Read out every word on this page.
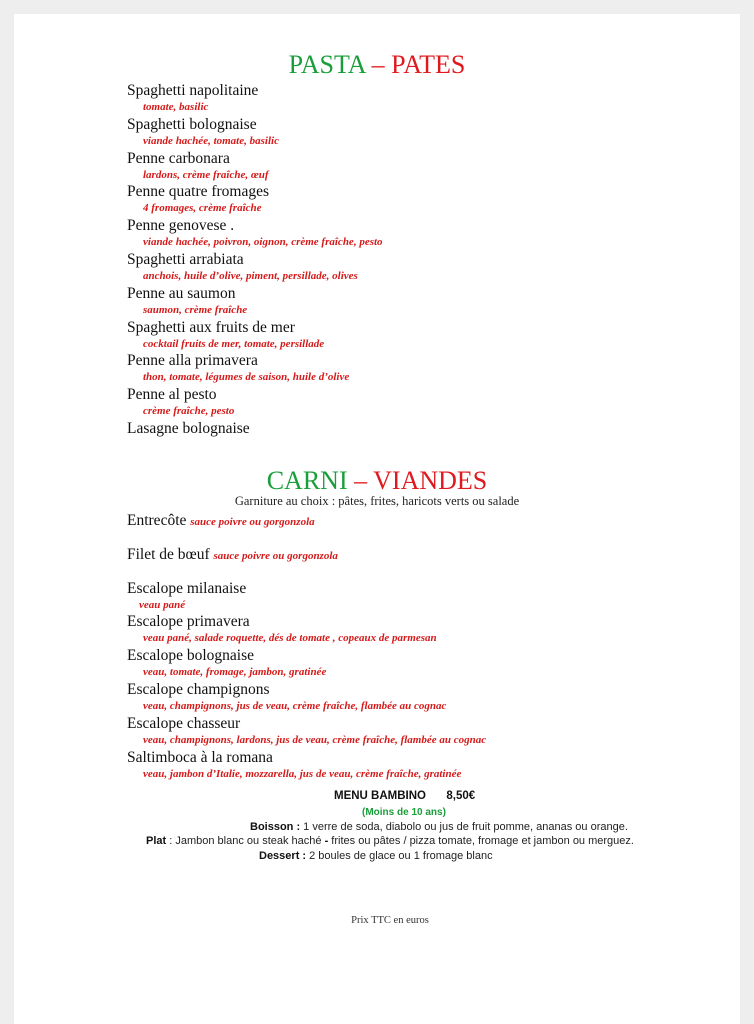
PASTA – PATES
Spaghetti napolitaine
tomate, basilic
Spaghetti bolognaise
viande hachée, tomate, basilic
Penne carbonara
lardons, crème fraîche, œuf
Penne quatre fromages
4 fromages, crème fraîche
Penne genovese .
viande hachée, poivron, oignon, crème fraîche, pesto
Spaghetti arrabiata
anchois, huile d’olive, piment, persillade, olives
Penne au saumon
saumon, crème fraîche
Spaghetti aux fruits de mer
cocktail fruits de mer, tomate, persillade
Penne alla primavera
thon, tomate, légumes de saison, huile d’olive
Penne al pesto
crème fraîche, pesto
Lasagne bolognaise
CARNI – VIANDES
Garniture au choix : pâtes, frites, haricots verts ou salade
Entrecôte sauce poivre ou gorgonzola
Filet de bœuf sauce poivre ou gorgonzola
Escalope milanaise
veau pané
Escalope primavera
veau pané, salade roquette, dés de tomate , copeaux de parmesan
Escalope bolognaise
veau, tomate, fromage, jambon, gratinée
Escalope champignons
veau, champignons, jus de veau, crème fraîche, flambée au cognac
Escalope chasseur
veau, champignons, lardons, jus de veau, crème fraîche, flambée au cognac
Saltimboca à la romana
veau, jambon d’Italie, mozzarella, jus de veau, crème fraîche, gratinée
MENU BAMBINO 8,50€
(Moins de 10 ans)
Boisson : 1 verre de soda, diabolo ou jus de fruit pomme, ananas ou orange.
Plat : Jambon blanc ou steak haché - frites ou pâtes / pizza tomate, fromage et jambon ou merguez.
Dessert : 2 boules de glace ou 1 fromage blanc
Prix TTC en euros
